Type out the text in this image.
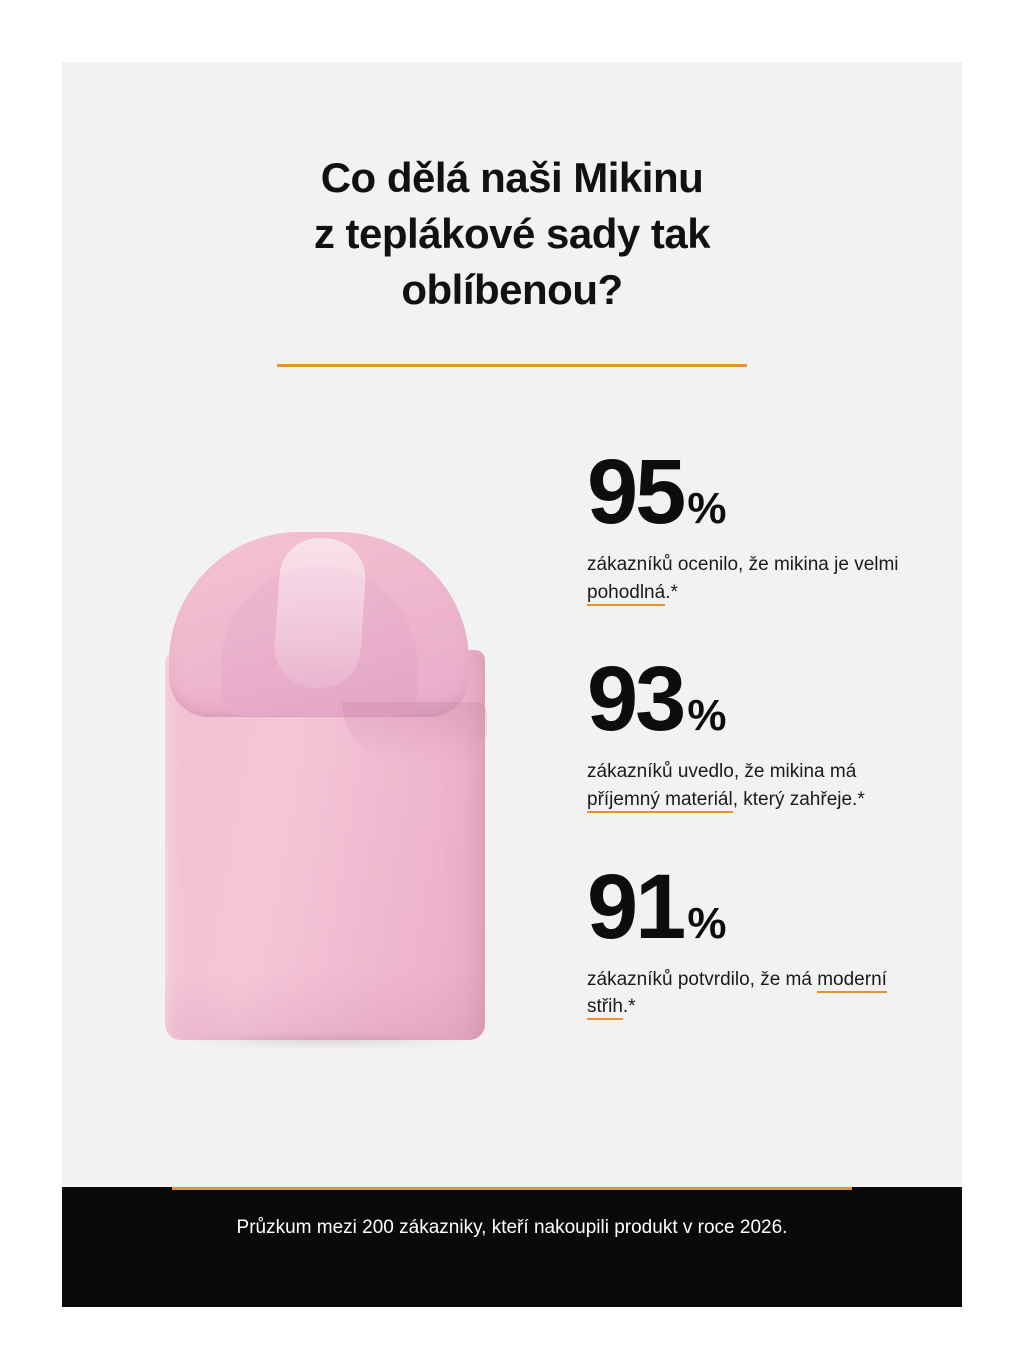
Co dělá naši Mikinu
z teplákové sady tak
oblíbenou?
95 %
zákazníků ocenilo, že mikina je velmi pohodlná.*
93 %
zákazníků uvedlo, že mikina má příjemný materiál, který zahřeje.*
91 %
zákazníků potvrdilo, že má moderní střih.*
Průzkum mezi 200 zákazniky, kteří nakoupili produkt v roce 2026.
